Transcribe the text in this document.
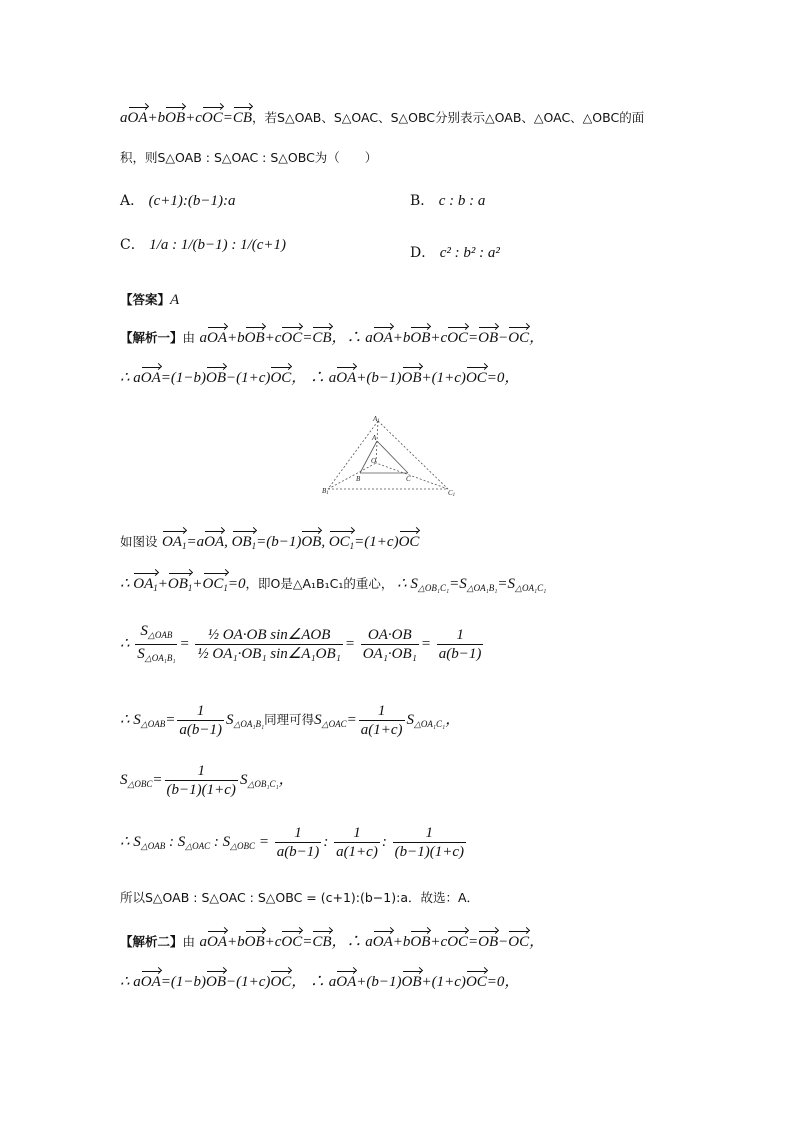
aOA+bOB+cOC=CB，若S△OAB、S△OAC、S△OBC分别表示△OAB、△OAC、△OBC的面
积，则S△OAB : S△OAC : S△OBC为（　　）
A． (c+1):(b−1):a	B． c : b : a
C． 1/a : 1/(b−1) : 1/(c+1)	D． c² : b² : a²
【答案】A
【解析一】由 aOA+bOB+cOC=CB，∴ aOA+bOB+cOC=OB−OC，
∴ aOA=(1−b)OB−(1+c)OC， ∴ aOA+(b−1)OB+(1+c)OC=0，
A1
A
O
B	C
B1	C1
如图设 $OA_1=aOA$, $OB_1=(b-1)OB$, $OC_1=(1+c)OC$
∴ $OA_1+OB_1+OC_1=0$，即O是△A₁B₁C₁的重心， ∴ $S_{\triangle OB_1C_1}=S_{\triangle OA_1B_1}=S_{\triangle OA_1C_1}$
∴ $\frac{S_{\triangle OAB}}{S_{\triangle OA_1B_1}} = \frac{\text{½ OA·OB sin∠AOB}}{\text{½ OA₁·OB₁ sin∠A₁OB₁}} = \frac{OA\cdot OB}{\text{OA₁·OB₁}} = \frac{1}{a(b-1)}$
∴ $S_{\triangle OAB}= \frac{1}{a(b-1)} S_{\triangle OA_1B_1}$同理可得$S_{\triangle OAC}= \frac{1}{a(1+c)} S_{\triangle OA_1C_1}$，
$S_{\triangle OBC}= \frac{1}{(b-1)(1+c)} S_{\triangle OB_1C_1}$，
∴ $S_{\triangle OAB}$ : $S_{\triangle OAC}$ : $S_{\triangle OBC} = \frac{1}{a(b-1)}$ : $\frac{1}{a(1+c)}$ : $\frac{1}{(b-1)(1+c)}$
所以S△OAB : S△OAC : S△OBC = (c+1):(b−1):a．故选：A．
【解析二】由 aOA+bOB+cOC=CB，∴ aOA+bOB+cOC=OB−OC，
∴ aOA=(1−b)OB−(1+c)OC， ∴ aOA+(b−1)OB+(1+c)OC=0，
